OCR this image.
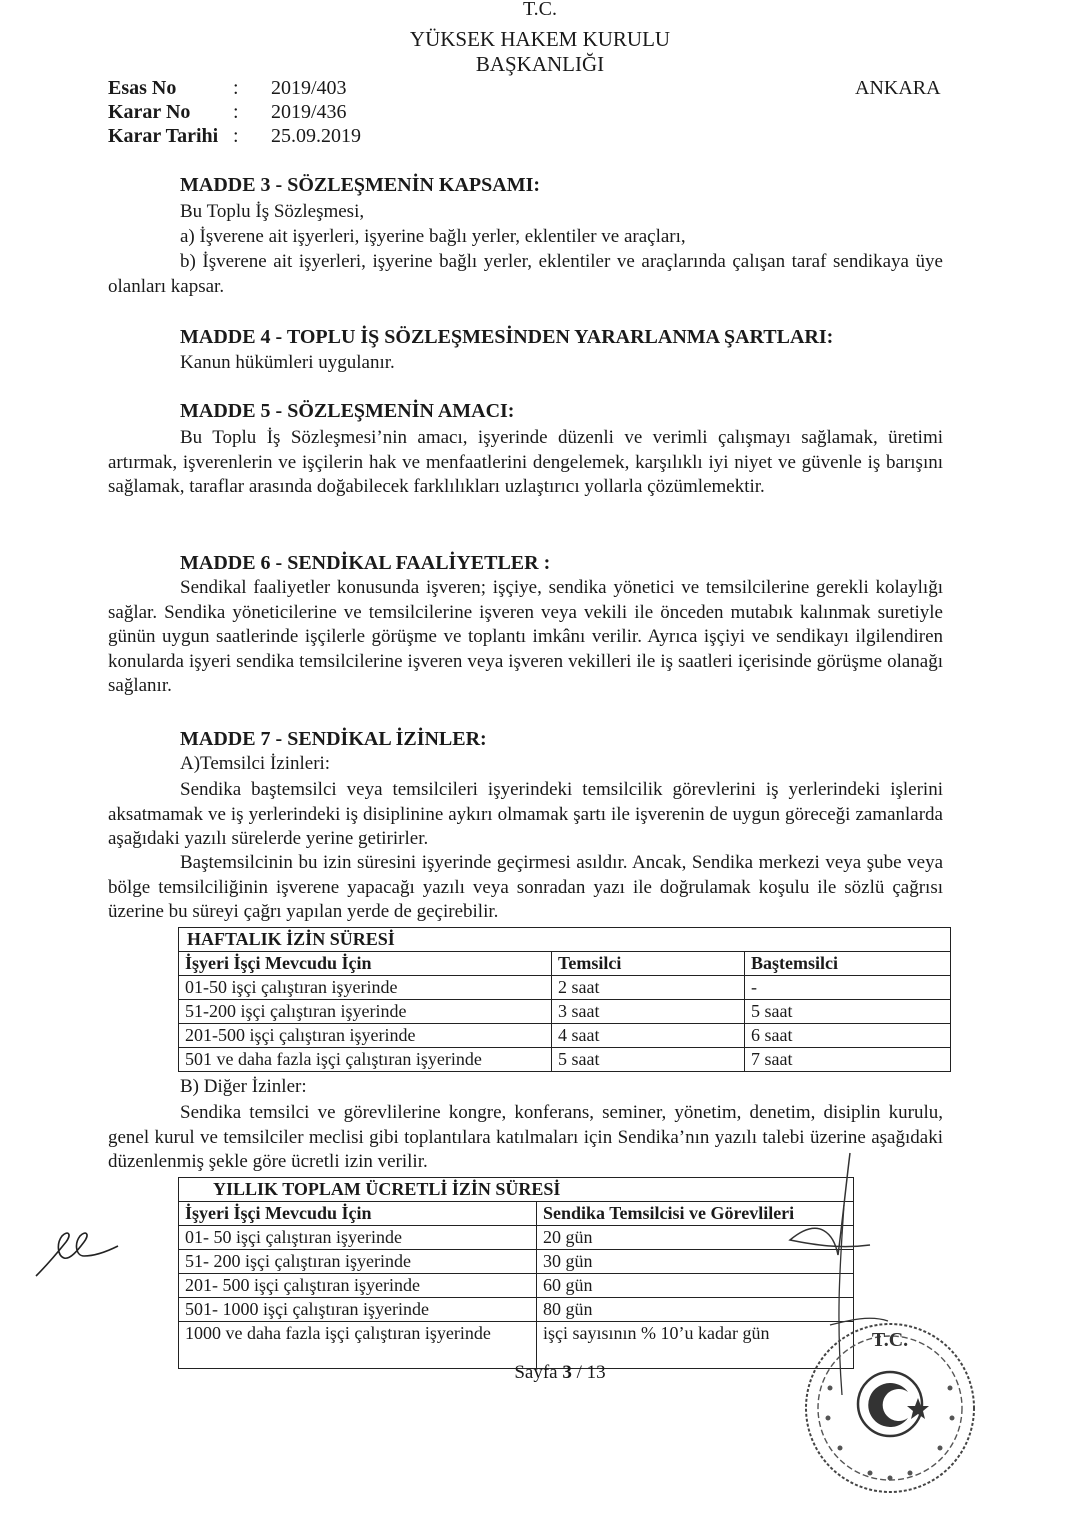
T.C.
YÜKSEK HAKEM KURULU
BAŞKANLIĞI
ANKARA
Esas No	:	2019/403
Karar No	:	2019/436
Karar Tarihi :	25.09.2019
MADDE 3 - SÖZLEŞMENİN KAPSAMI:
Bu Toplu İş Sözleşmesi,
a) İşverene ait işyerleri, işyerine bağlı yerler, eklentiler ve araçları,

b) İşverene ait işyerleri, işyerine bağlı yerler, eklentiler ve araçlarında çalışan taraf sendikaya üye olanları kapsar.

MADDE 4 - TOPLU İŞ SÖZLEŞMESİNDEN YARARLANMA ŞARTLARI:
Kanun hükümleri uygulanır.
MADDE 5 - SÖZLEŞMENİN AMACI:

Bu Toplu İş Sözleşmesi’nin amacı, işyerinde düzenli ve verimli çalışmayı sağlamak, üretimi artırmak, işverenlerin ve işçilerin hak ve menfaatlerini dengelemek, karşılıklı iyi niyet ve güvenle iş barışını sağlamak, taraflar arasında doğabilecek farklılıkları uzlaştırıcı yollarla çözümlemektir.

MADDE 6 - SENDİKAL FAALİYETLER :

Sendikal faaliyetler konusunda işveren; işçiye, sendika yönetici ve temsilcilerine gerekli kolaylığı sağlar. Sendika yöneticilerine ve temsilcilerine işveren veya vekili ile önceden mutabık kalınmak suretiyle günün uygun saatlerinde işçilerle görüşme ve toplantı imkânı verilir. Ayrıca işçiyi ve sendikayı ilgilendiren konularda işyeri sendika temsilcilerine işveren veya işveren vekilleri ile iş saatleri içerisinde görüşme olanağı sağlanır.

MADDE 7 - SENDİKAL İZİNLER:
A)Temsilci İzinleri:

Sendika baştemsilci veya temsilcileri işyerindeki temsilcilik görevlerini iş yerlerindeki işlerini aksatmamak ve iş yerlerindeki iş disiplinine aykırı olmamak şartı ile işverenin de uygun göreceği zamanlarda aşağıdaki yazılı sürelerde yerine getirirler.

Baştemsilcinin bu izin süresini işyerinde geçirmesi asıldır. Ancak, Sendika merkezi veya şube veya bölge temsilciliğinin işverene yapacağı yazılı veya sonradan yazı ile doğrulamak koşulu ile sözlü çağrısı üzerine bu süreyi çağrı yapılan yerde de geçirebilir.

HAFTALIK İZİN SÜRESİ		
İşyeri İşçi Mevcudu İçin	Temsilci	Baştemsilci
01-50 işçi çalıştıran işyerinde	2 saat	-
51-200 işçi çalıştıran işyerinde	3 saat	5 saat
201-500 işçi çalıştıran işyerinde	4 saat	6 saat
501 ve daha fazla işçi çalıştıran işyerinde	5 saat	7 saat
B) Diğer İzinler:

Sendika temsilci ve görevlilerine kongre, konferans, seminer, yönetim, denetim, disiplin kurulu, genel kurul ve temsilciler meclisi gibi toplantılara katılmaları için Sendika’nın yazılı talebi üzerine aşağıdaki düzenlenmiş şekle göre ücretli izin verilir.

YILLIK TOPLAM ÜCRETLİ İZİN SÜRESİ	
İşyeri İşçi Mevcudu İçin	Sendika Temsilcisi ve Görevlileri
01- 50 işçi çalıştıran işyerinde	20 gün
51- 200 işçi çalıştıran işyerinde	30 gün
201- 500 işçi çalıştıran işyerinde	60 gün
501- 1000 işçi çalıştıran işyerinde	80 gün
1000 ve daha fazla işçi çalıştıran işyerinde	işçi sayısının % 10’u kadar gün
Sayfa 3 / 13
T.C.
